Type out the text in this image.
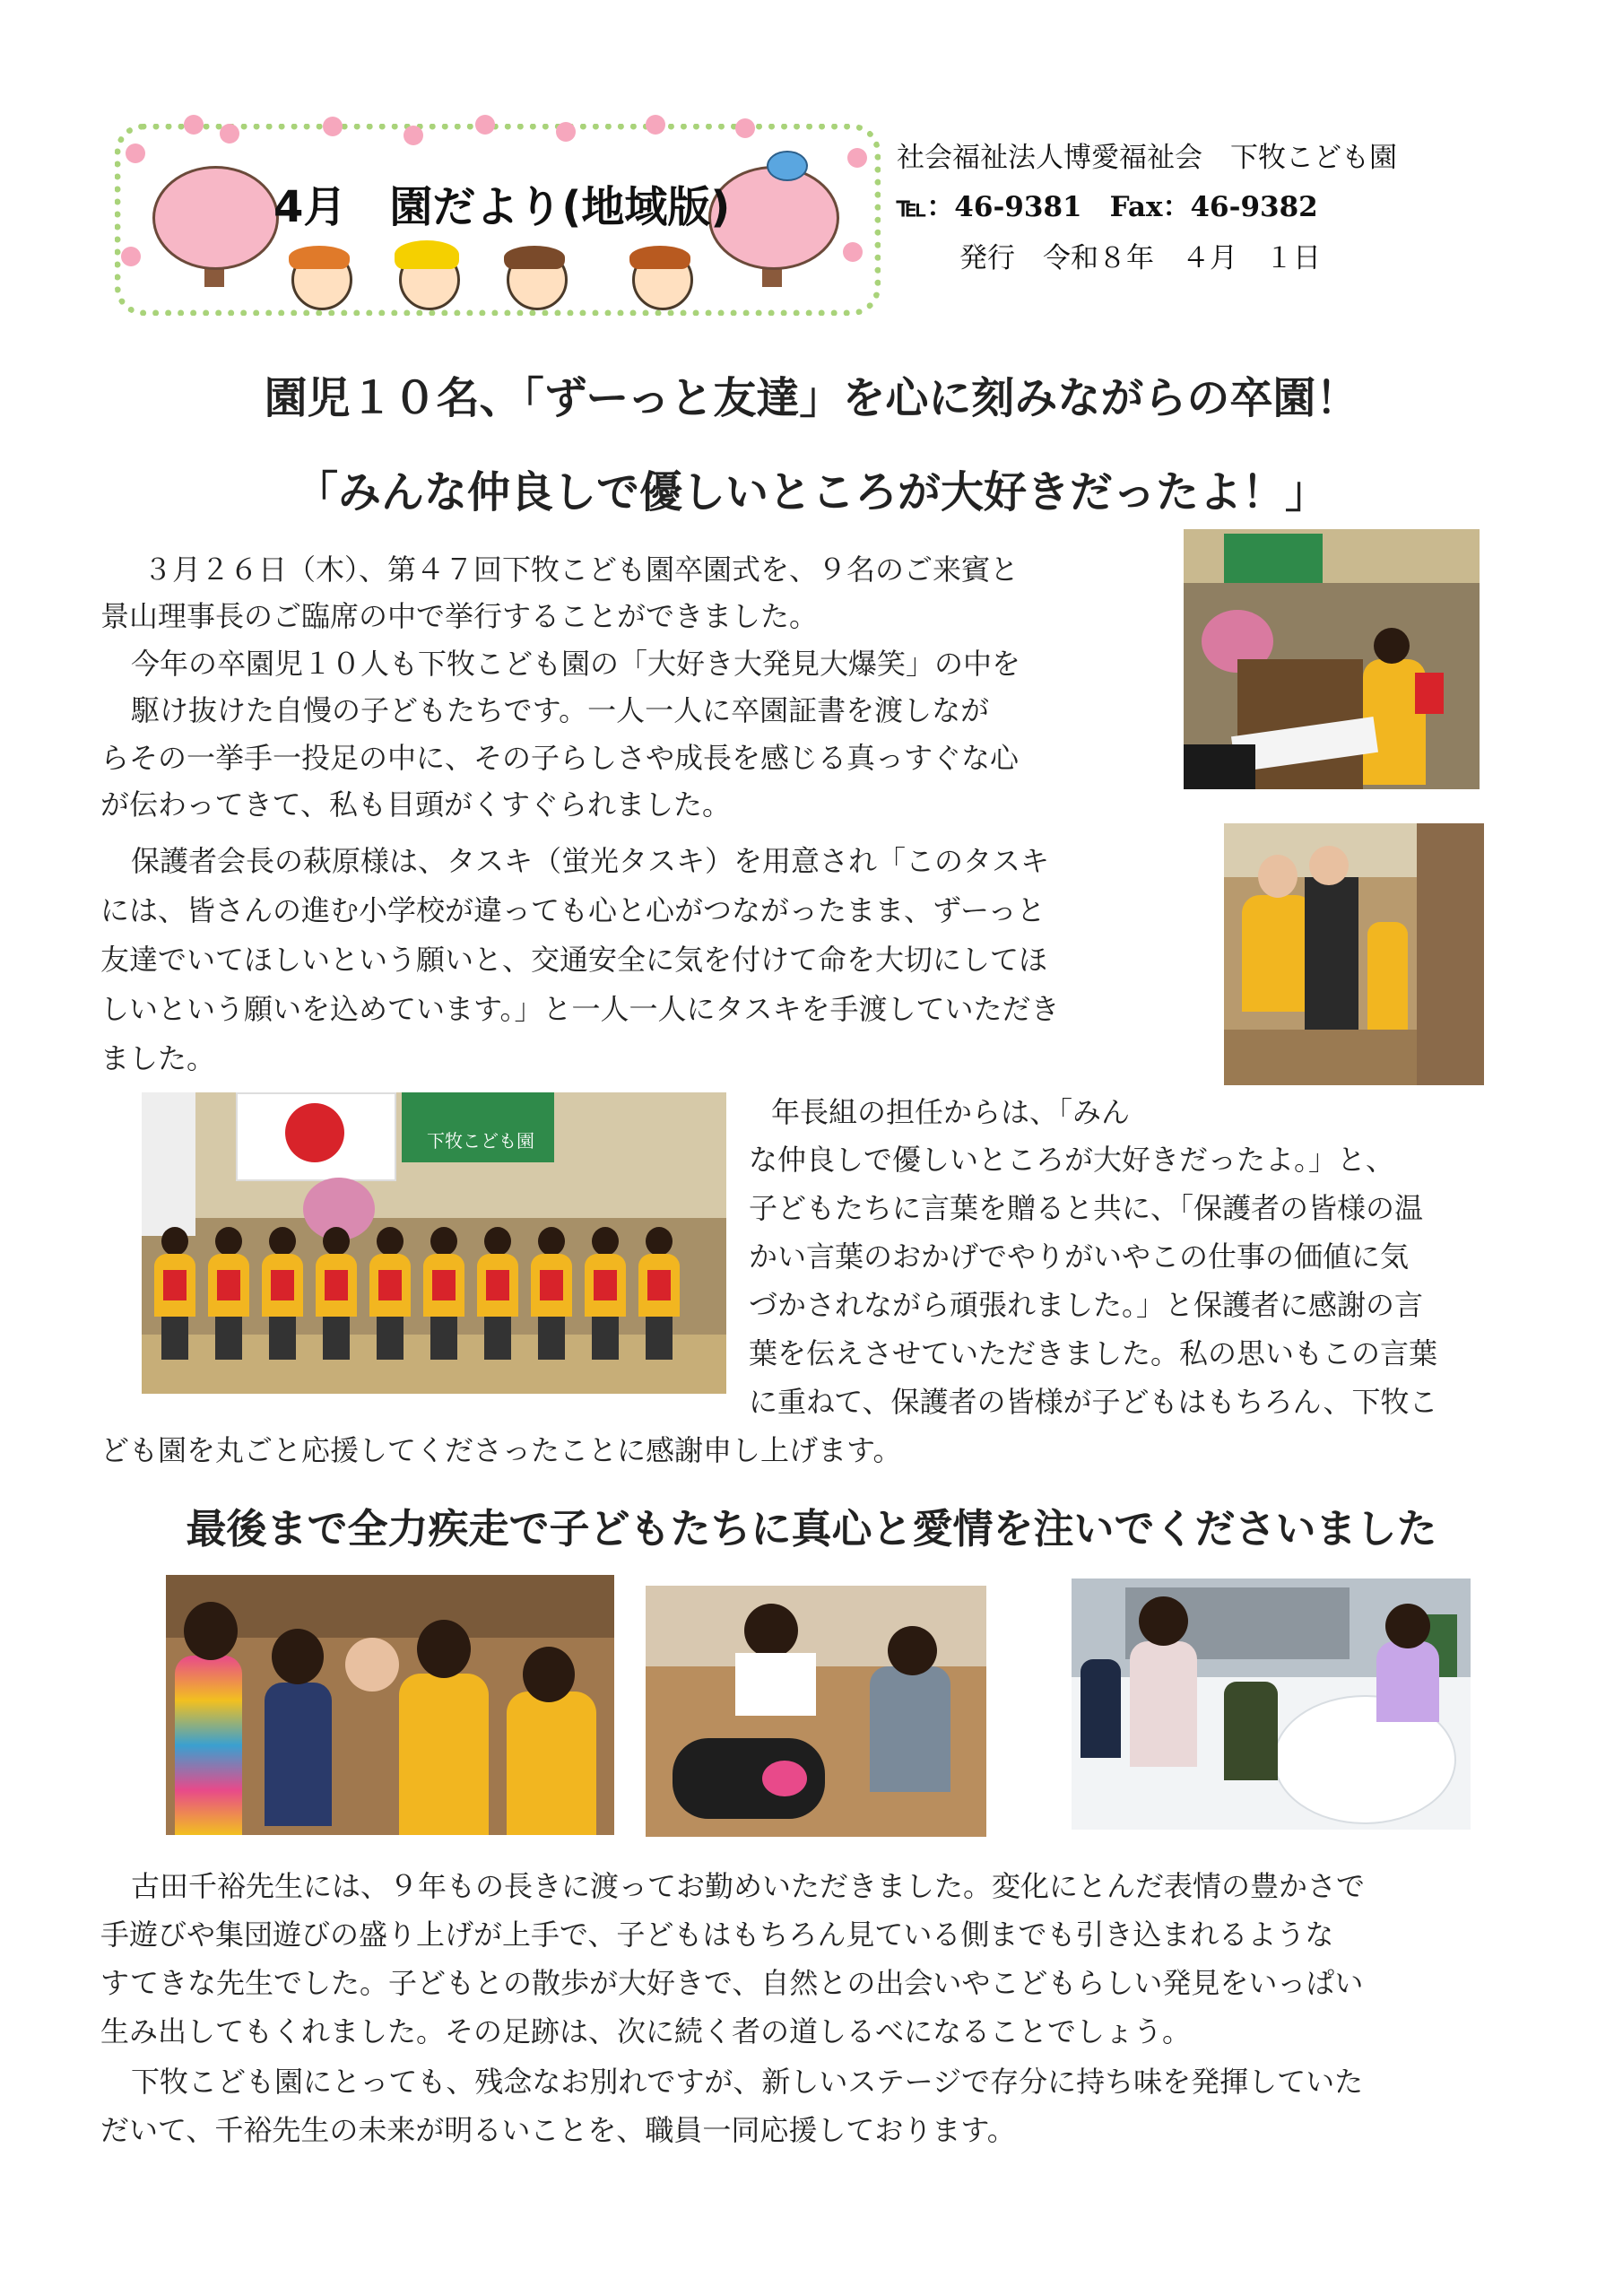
4月　園だより(地域版)
社会福祉法人博愛福祉会　下牧こども園
℡：46-9381　Fax：46-9382
発行　令和８年　４月　１日
園児１０名、「ずーっと友達」を心に刻みながらの卒園！
「みんな仲良しで優しいところが大好きだったよ！」
３月２６日（木）、第４７回下牧こども園卒園式を、９名のご来賓と
景山理事長のご臨席の中で挙行することができました。
今年の卒園児１０人も下牧こども園の「大好き大発見大爆笑」の中を
駆け抜けた自慢の子どもたちです。一人一人に卒園証書を渡しなが
らその一挙手一投足の中に、その子らしさや成長を感じる真っすぐな心
が伝わってきて、私も目頭がくすぐられました。
保護者会長の萩原様は、タスキ（蛍光タスキ）を用意され「このタスキ
には、皆さんの進む小学校が違っても心と心がつながったまま、ずーっと
友達でいてほしいという願いと、交通安全に気を付けて命を大切にしてほ
しいという願いを込めています。」と一人一人にタスキを手渡していただき
ました。
下牧こども園
年長組の担任からは、「みん
な仲良しで優しいところが大好きだったよ。」と、
子どもたちに言葉を贈ると共に、「保護者の皆様の温
かい言葉のおかげでやりがいやこの仕事の価値に気
づかされながら頑張れました。」と保護者に感謝の言
葉を伝えさせていただきました。私の思いもこの言葉
に重ねて、保護者の皆様が子どもはもちろん、下牧こ
ども園を丸ごと応援してくださったことに感謝申し上げます。
最後まで全力疾走で子どもたちに真心と愛情を注いでくださいました
古田千裕先生には、９年もの長きに渡ってお勤めいただきました。変化にとんだ表情の豊かさで
手遊びや集団遊びの盛り上げが上手で、子どもはもちろん見ている側までも引き込まれるような
すてきな先生でした。子どもとの散歩が大好きで、自然との出会いやこどもらしい発見をいっぱい
生み出してもくれました。その足跡は、次に続く者の道しるべになることでしょう。
下牧こども園にとっても、残念なお別れですが、新しいステージで存分に持ち味を発揮していた
だいて、千裕先生の未来が明るいことを、職員一同応援しております。
